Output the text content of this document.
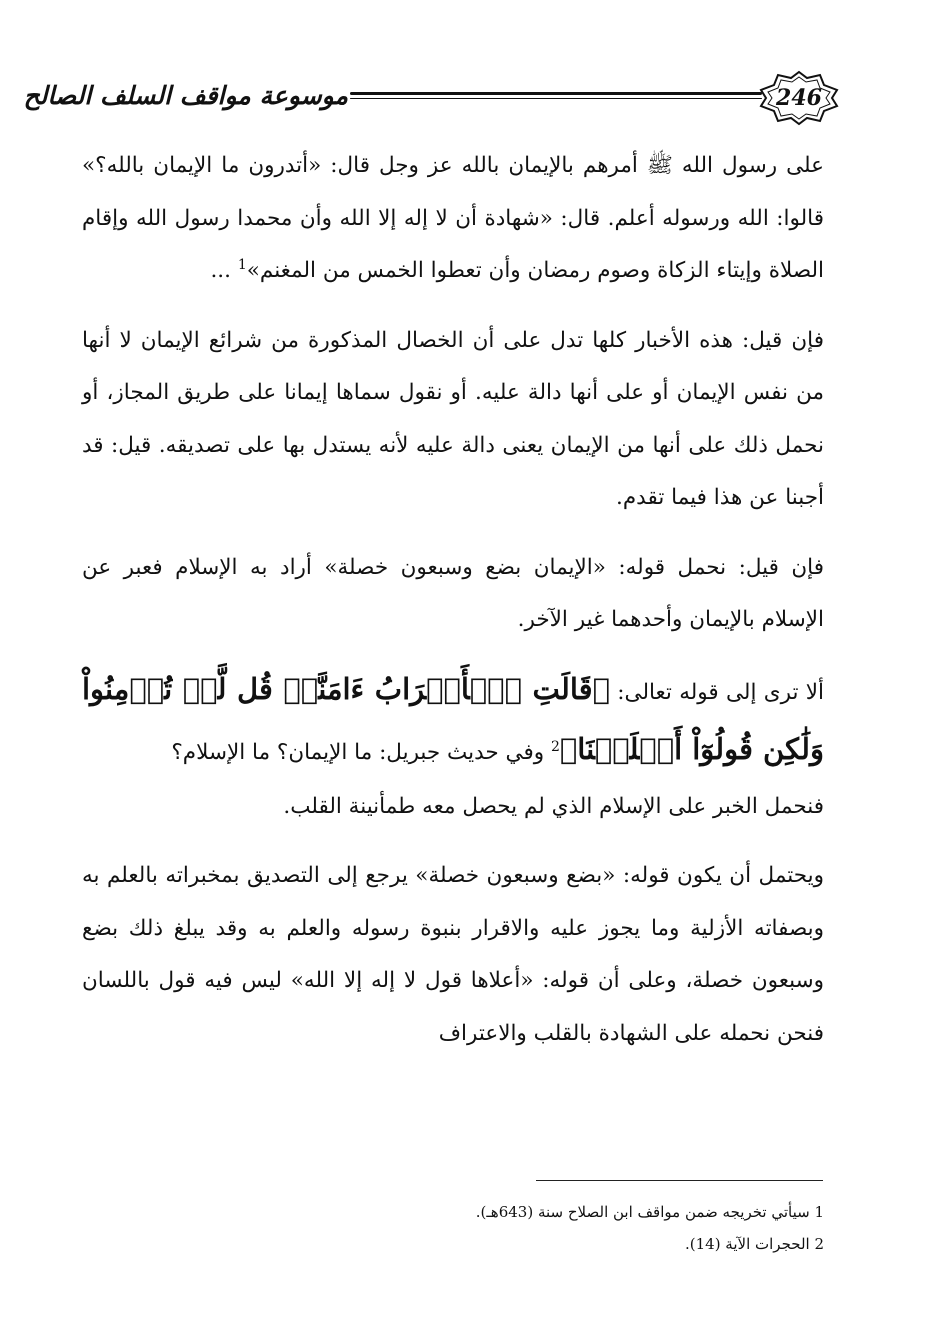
موسوعة مواقف السلف الصالح	246

على رسول الله ﷺ أمرهم بالإيمان بالله عز وجل قال: «أتدرون ما الإيمان بالله؟» قالوا: الله ورسوله أعلم. قال: «شهادة أن لا إله إلا الله وأن محمدا رسول الله وإقام الصلاة وإيتاء الزكاة وصوم رمضان وأن تعطوا الخمس من المغنم»$^1$ ...

فإن قيل: هذه الأخبار كلها تدل على أن الخصال المذكورة من شرائع الإيمان لا أنها من نفس الإيمان أو على أنها دالة عليه. أو نقول سماها إيمانا على طريق المجاز، أو نحمل ذلك على أنها من الإيمان يعنى دالة عليه لأنه يستدل بها على تصديقه. قيل: قد أجبنا عن هذا فيما تقدم.

فإن قيل: نحمل قوله: «الإيمان بضع وسبعون خصلة» أراد به الإسلام فعبر عن الإسلام بالإيمان وأحدهما غير الآخر.

ألا ترى إلى قوله تعالى: ﴿قَالَتِ ٱلۡأَعۡرَابُ ءَامَنَّاۖ قُل لَّمۡ تُؤۡمِنُواْ وَلَٰكِن قُولُوٓاْ أَسۡلَمۡنَا﴾$^2$ وفي حديث جبريل: ما الإيمان؟ ما الإسلام؟

فنحمل الخبر على الإسلام الذي لم يحصل معه طمأنينة القلب.

ويحتمل أن يكون قوله: «بضع وسبعون خصلة» يرجع إلى التصديق بمخبراته بالعلم به وبصفاته الأزلية وما يجوز عليه والاقرار بنبوة رسوله والعلم به وقد يبلغ ذلك بضع وسبعون خصلة، وعلى أن قوله: «أعلاها قول لا إله إلا الله» ليس فيه قول باللسان فنحن نحمله على الشهادة بالقلب والاعتراف

1 سيأتي تخريجه ضمن مواقف ابن الصلاح سنة (643هـ).

2 الحجرات الآية (14).
